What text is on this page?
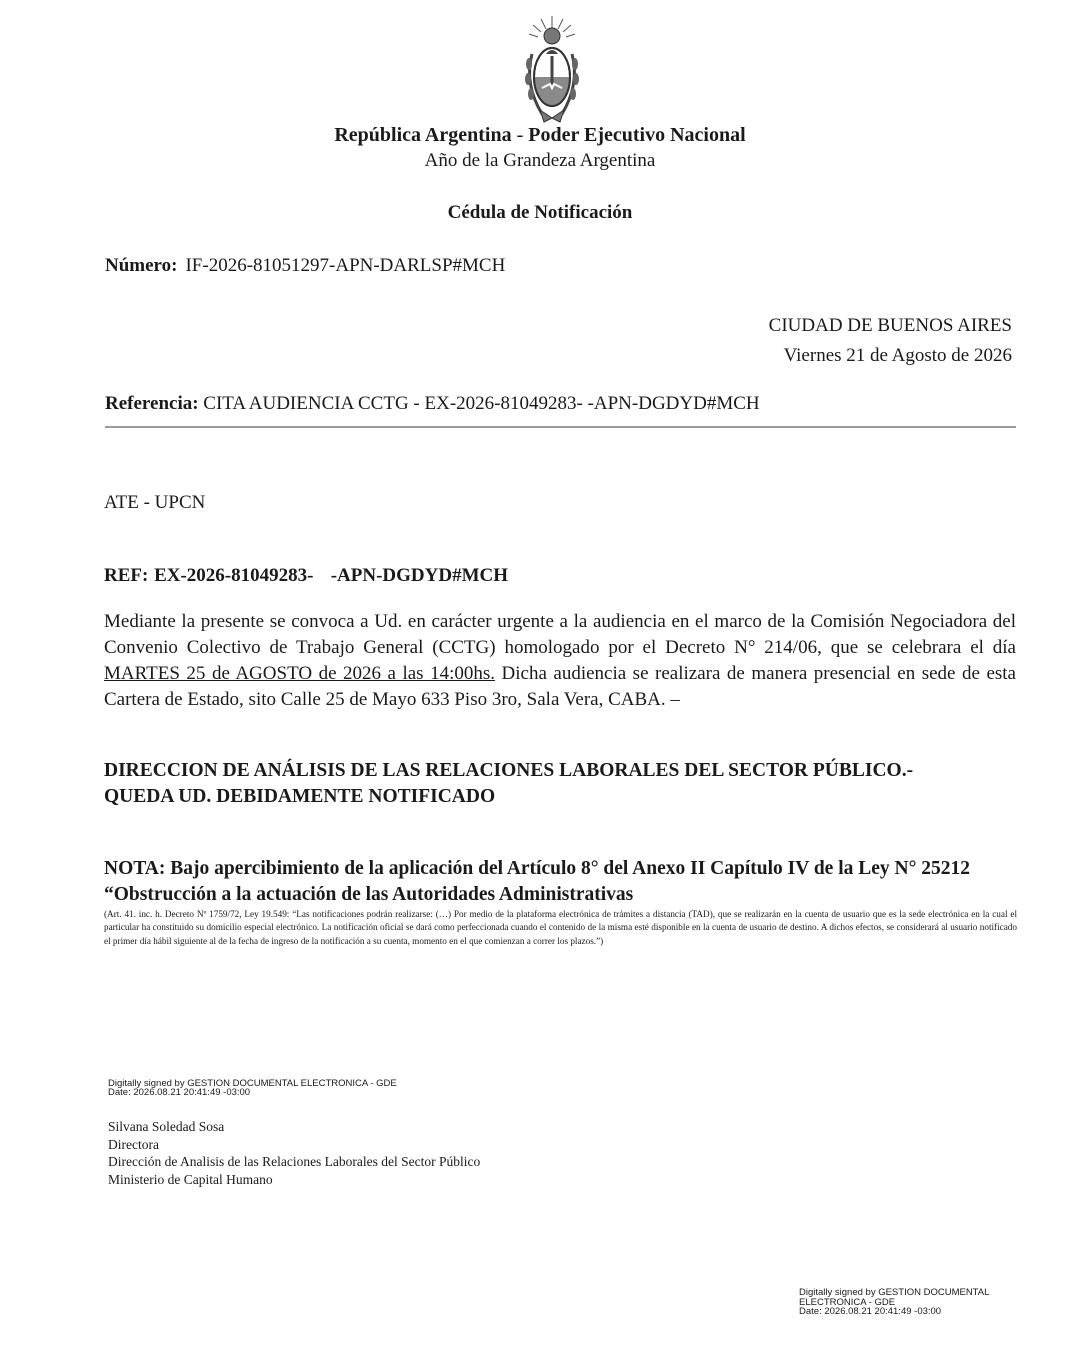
República Argentina - Poder Ejecutivo Nacional
Año de la Grandeza Argentina
Cédula de Notificación
Número: IF-2026-81051297-APN-DARLSP#MCH
CIUDAD DE BUENOS AIRES
Viernes 21 de Agosto de 2026
Referencia: CITA AUDIENCIA CCTG - EX-2026-81049283- -APN-DGDYD#MCH
ATE - UPCN
REF: EX-2026-81049283-   -APN-DGDYD#MCH
Mediante la presente se convoca a Ud. en carácter urgente a la audiencia en el marco de la Comisión Negociadora del Convenio Colectivo de Trabajo General (CCTG) homologado por el Decreto N° 214/06, que se celebrara el día MARTES 25 de AGOSTO de 2026 a las 14:00hs. Dicha audiencia se realizara de manera presencial en sede de esta Cartera de Estado, sito Calle 25 de Mayo 633 Piso 3ro, Sala Vera, CABA. –
DIRECCION DE ANÁLISIS DE LAS RELACIONES LABORALES DEL SECTOR PÚBLICO.-
QUEDA UD. DEBIDAMENTE NOTIFICADO
NOTA: Bajo apercibimiento de la aplicación del Artículo 8° del Anexo II Capítulo IV de la Ley N° 25212
“Obstrucción a la actuación de las Autoridades Administrativas
(Art. 41. inc. h. Decreto Nº 1759/72, Ley 19.549: “Las notificaciones podrán realizarse: (…) Por medio de la plataforma electrónica de trámites a distancia (TAD), que se realizarán en la cuenta de usuario que es la sede electrónica en la cual el particular ha constituido su domicilio especial electrónico. La notificación oficial se dará como perfeccionada cuando el contenido de la misma esté disponible en la cuenta de usuario de destino. A dichos efectos, se considerará al usuario notificado el primer día hábil siguiente al de la fecha de ingreso de la notificación a su cuenta, momento en el que comienzan a correr los plazos.”)
Digitally signed by GESTION DOCUMENTAL ELECTRONICA - GDE
Date: 2026.08.21 20:41:49 -03:00
Silvana Soledad Sosa
Directora
Dirección de Analisis de las Relaciones Laborales del Sector Público
Ministerio de Capital Humano
Digitally signed by GESTION DOCUMENTAL
ELECTRONICA - GDE
Date: 2026.08.21 20:41:49 -03:00
